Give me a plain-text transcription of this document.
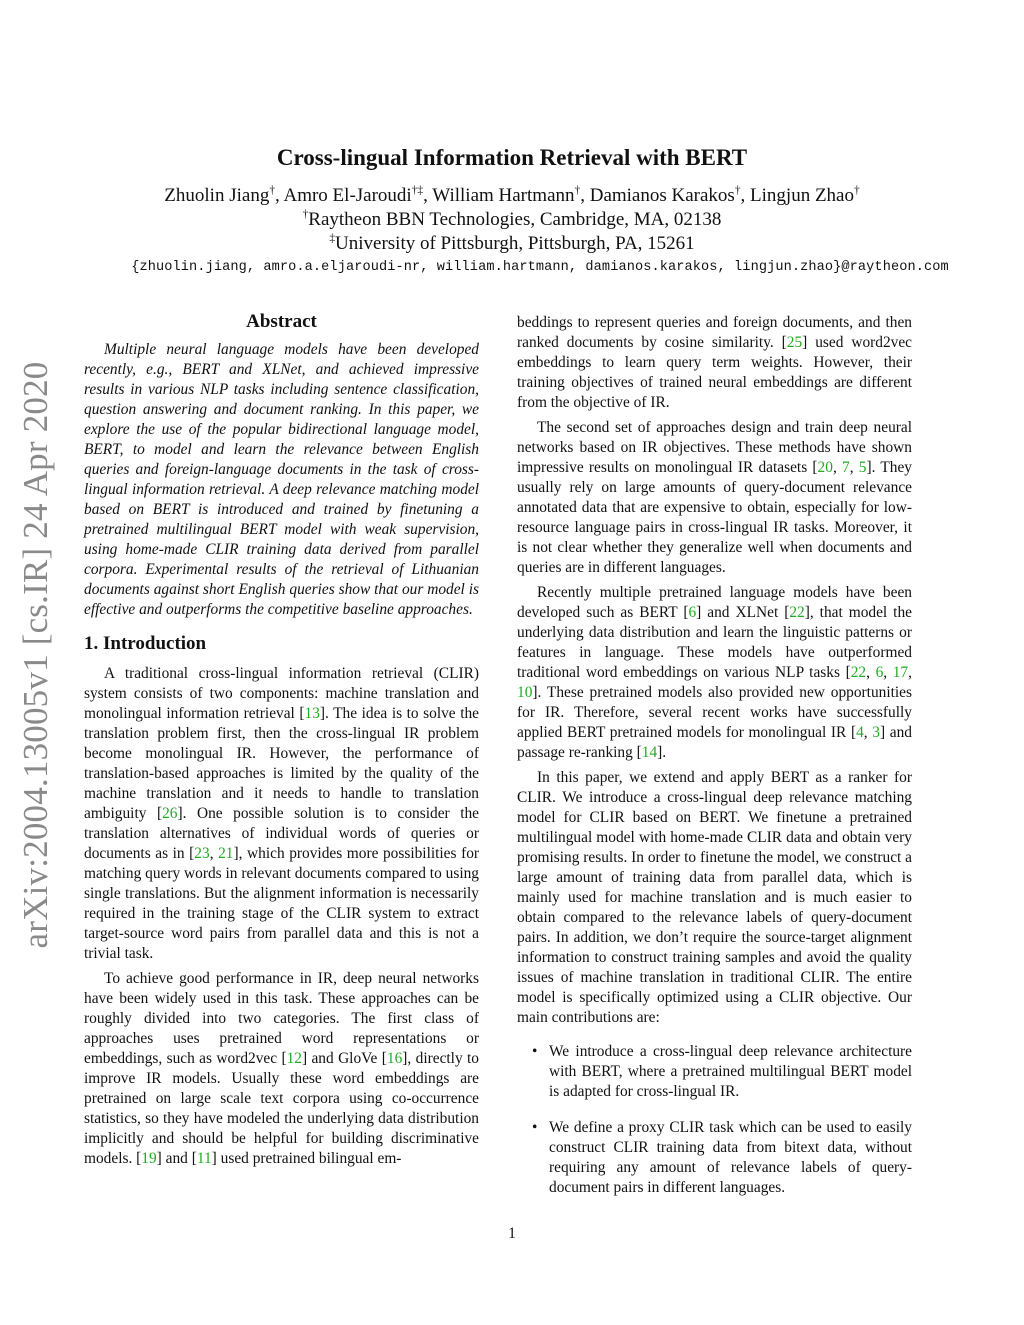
arXiv:2004.13005v1 [cs.IR] 24 Apr 2020
Cross-lingual Information Retrieval with BERT
Zhuolin Jiang†, Amro El-Jaroudi†‡, William Hartmann†, Damianos Karakos†, Lingjun Zhao†
†Raytheon BBN Technologies, Cambridge, MA, 02138
‡University of Pittsburgh, Pittsburgh, PA, 15261
{zhuolin.jiang, amro.a.eljaroudi-nr, william.hartmann, damianos.karakos, lingjun.zhao}@raytheon.com
Abstract
Multiple neural language models have been developed recently, e.g., BERT and XLNet, and achieved impressive results in various NLP tasks including sentence classification, question answering and document ranking. In this paper, we explore the use of the popular bidirectional language model, BERT, to model and learn the relevance between English queries and foreign-language documents in the task of cross-lingual information retrieval. A deep relevance matching model based on BERT is introduced and trained by finetuning a pretrained multilingual BERT model with weak supervision, using home-made CLIR training data derived from parallel corpora. Experimental results of the retrieval of Lithuanian documents against short English queries show that our model is effective and outperforms the competitive baseline approaches.
1. Introduction

A traditional cross-lingual information retrieval (CLIR) system consists of two components: machine translation and monolingual information retrieval [13]. The idea is to solve the translation problem first, then the cross-lingual IR problem become monolingual IR. However, the performance of translation-based approaches is limited by the quality of the machine translation and it needs to handle to translation ambiguity [26]. One possible solution is to consider the translation alternatives of individual words of queries or documents as in [23, 21], which provides more possibilities for matching query words in relevant documents compared to using single translations. But the alignment information is necessarily required in the training stage of the CLIR system to extract target-source word pairs from parallel data and this is not a trivial task.

To achieve good performance in IR, deep neural networks have been widely used in this task. These approaches can be roughly divided into two categories. The first class of approaches uses pretrained word representations or embeddings, such as word2vec [12] and GloVe [16], directly to improve IR models. Usually these word embeddings are pretrained on large scale text corpora using co-occurrence statistics, so they have modeled the underlying data distribution implicitly and should be helpful for building discriminative models. [19] and [11] used pretrained bilingual em-

beddings to represent queries and foreign documents, and then ranked documents by cosine similarity. [25] used word2vec embeddings to learn query term weights. However, their training objectives of trained neural embeddings are different from the objective of IR.

The second set of approaches design and train deep neural networks based on IR objectives. These methods have shown impressive results on monolingual IR datasets [20, 7, 5]. They usually rely on large amounts of query-document relevance annotated data that are expensive to obtain, especially for low-resource language pairs in cross-lingual IR tasks. Moreover, it is not clear whether they generalize well when documents and queries are in different languages.

Recently multiple pretrained language models have been developed such as BERT [6] and XLNet [22], that model the underlying data distribution and learn the linguistic patterns or features in language. These models have outperformed traditional word embeddings on various NLP tasks [22, 6, 17, 10]. These pretrained models also provided new opportunities for IR. Therefore, several recent works have successfully applied BERT pretrained models for monolingual IR [4, 3] and passage re-ranking [14].

In this paper, we extend and apply BERT as a ranker for CLIR. We introduce a cross-lingual deep relevance matching model for CLIR based on BERT. We finetune a pretrained multilingual model with home-made CLIR data and obtain very promising results. In order to finetune the model, we construct a large amount of training data from parallel data, which is mainly used for machine translation and is much easier to obtain compared to the relevance labels of query-document pairs. In addition, we don’t require the source-target alignment information to construct training samples and avoid the quality issues of machine translation in traditional CLIR. The entire model is specifically optimized using a CLIR objective. Our main contributions are:

• We introduce a cross-lingual deep relevance architecture with BERT, where a pretrained multilingual BERT model is adapted for cross-lingual IR.
• We define a proxy CLIR task which can be used to easily construct CLIR training data from bitext data, without requiring any amount of relevance labels of query-document pairs in different languages.
1
